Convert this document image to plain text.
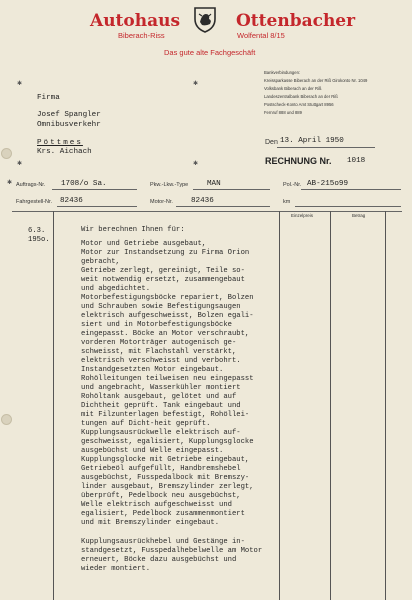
Autohaus	Ottenbacher
Biberach-Riss	Wolfental 8/15
Das gute alte Fachgeschäft
Bankverbindungen:
Kreissparkasse Biberach an der Riß Girokonto Nr. 1049
Volksbank Biberach an der Riß
Landeszentralbank Biberach an der Riß
Postscheck-Konto Amt Stuttgart 8956
Fernruf 888 und 889
✱	✱
✱	✱
Firma
Josef Spangler
Omnibusverkehr
Pöttmes
Krs. Aichach
Den 13. April 1950
RECHNUNG Nr. 1018
✱ Auftrags-Nr. 1708/o Sa.	Pkw.-Lkw.-Type MAN	Pol.-Nr. AB-215o99
Fahrgestell-Nr. 82436	Motor-Nr. 82436	km
Einzelpreis	Betrag
6.3.
195o.
Wir berechnen Ihnen für:
Motor und Getriebe ausgebaut,
Motor zur Instandsetzung zu Firma Orion
gebracht,
Getriebe zerlegt, gereinigt, Teile so-
weit notwendig ersetzt, zusammengebaut
und abgedichtet.
Motorbefestigungsböcke repariert, Bolzen
und Schrauben sowie Befestigungsaugen
elektrisch aufgeschweisst, Bolzen egali-
siert und in Motorbefestigungsböcke
eingepasst. Böcke an Motor verschraubt,
vorderen Motorträger autogenisch ge-
schweisst, mit Flachstahl verstärkt,
elektrisch verschweisst und verbohrt.
Instandgesetzten Motor eingebaut.
Rohölleitungen teilweisen neu eingepasst
und angebracht, Wasserkühler montiert
Rohöltank ausgebaut, gelötet und auf
Dichtheit geprüft. Tank eingebaut und
mit Filzunterlagen befestigt, Rohöllei-
tungen auf Dicht-heit geprüft.
Kupplungsausrückwelle elektrisch auf-
geschweisst, egalisiert, Kupplungsglocke
ausgebüchst und Welle eingepasst.
Kupplungsglocke mit Getriebe eingebaut,
Getriebeöl aufgefüllt, Handbremshebel
ausgebüchst, Fusspedalbock mit Bremszy-
linder ausgebaut, Bremszylinder zerlegt,
überprüft, Pedelbock neu ausgebüchst,
Welle elektrisch aufgeschweisst und
egalisiert, Pedelbock zusammenmontiert
und mit Bremszylinder eingebaut.
Kupplungsausrückhebel und Gestänge in-
standgesetzt, Fusspedalhebelwelle am Motor
erneuert, Böcke dazu ausgebüchst und
wieder montiert.
